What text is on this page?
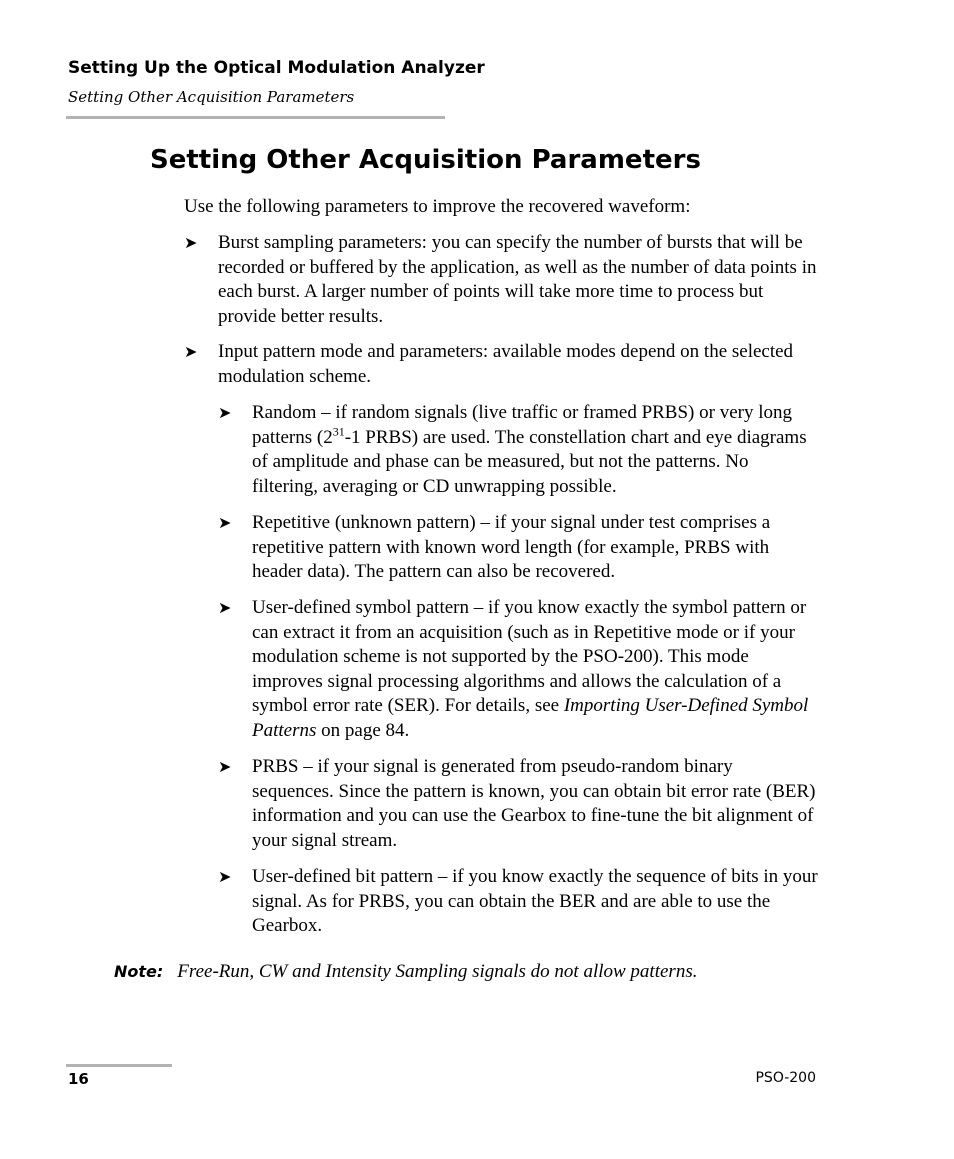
Setting Up the Optical Modulation Analyzer
Setting Other Acquisition Parameters
Setting Other Acquisition Parameters
Use the following parameters to improve the recovered waveform:
➤ Burst sampling parameters: you can specify the number of bursts that will be recorded or buffered by the application, as well as the number of data points in each burst. A larger number of points will take more time to process but provide better results.
➤ Input pattern mode and parameters: available modes depend on the selected modulation scheme.
➤ Random – if random signals (live traffic or framed PRBS) or very long patterns ($2^{31}-1$ PRBS) are used. The constellation chart and eye diagrams of amplitude and phase can be measured, but not the patterns. No filtering, averaging or CD unwrapping possible.
➤ Repetitive (unknown pattern) – if your signal under test comprises a repetitive pattern with known word length (for example, PRBS with header data). The pattern can also be recovered.
➤ User-defined symbol pattern – if you know exactly the symbol pattern or can extract it from an acquisition (such as in Repetitive mode or if your modulation scheme is not supported by the PSO-200). This mode improves signal processing algorithms and allows the calculation of a symbol error rate (SER). For details, see Importing User-Defined Symbol Patterns on page 84.
➤ PRBS – if your signal is generated from pseudo-random binary sequences. Since the pattern is known, you can obtain bit error rate (BER) information and you can use the Gearbox to fine-tune the bit alignment of your signal stream.
➤ User-defined bit pattern – if you know exactly the sequence of bits in your signal. As for PRBS, you can obtain the BER and are able to use the Gearbox.
Note: Free-Run, CW and Intensity Sampling signals do not allow patterns.
16	PSO-200
